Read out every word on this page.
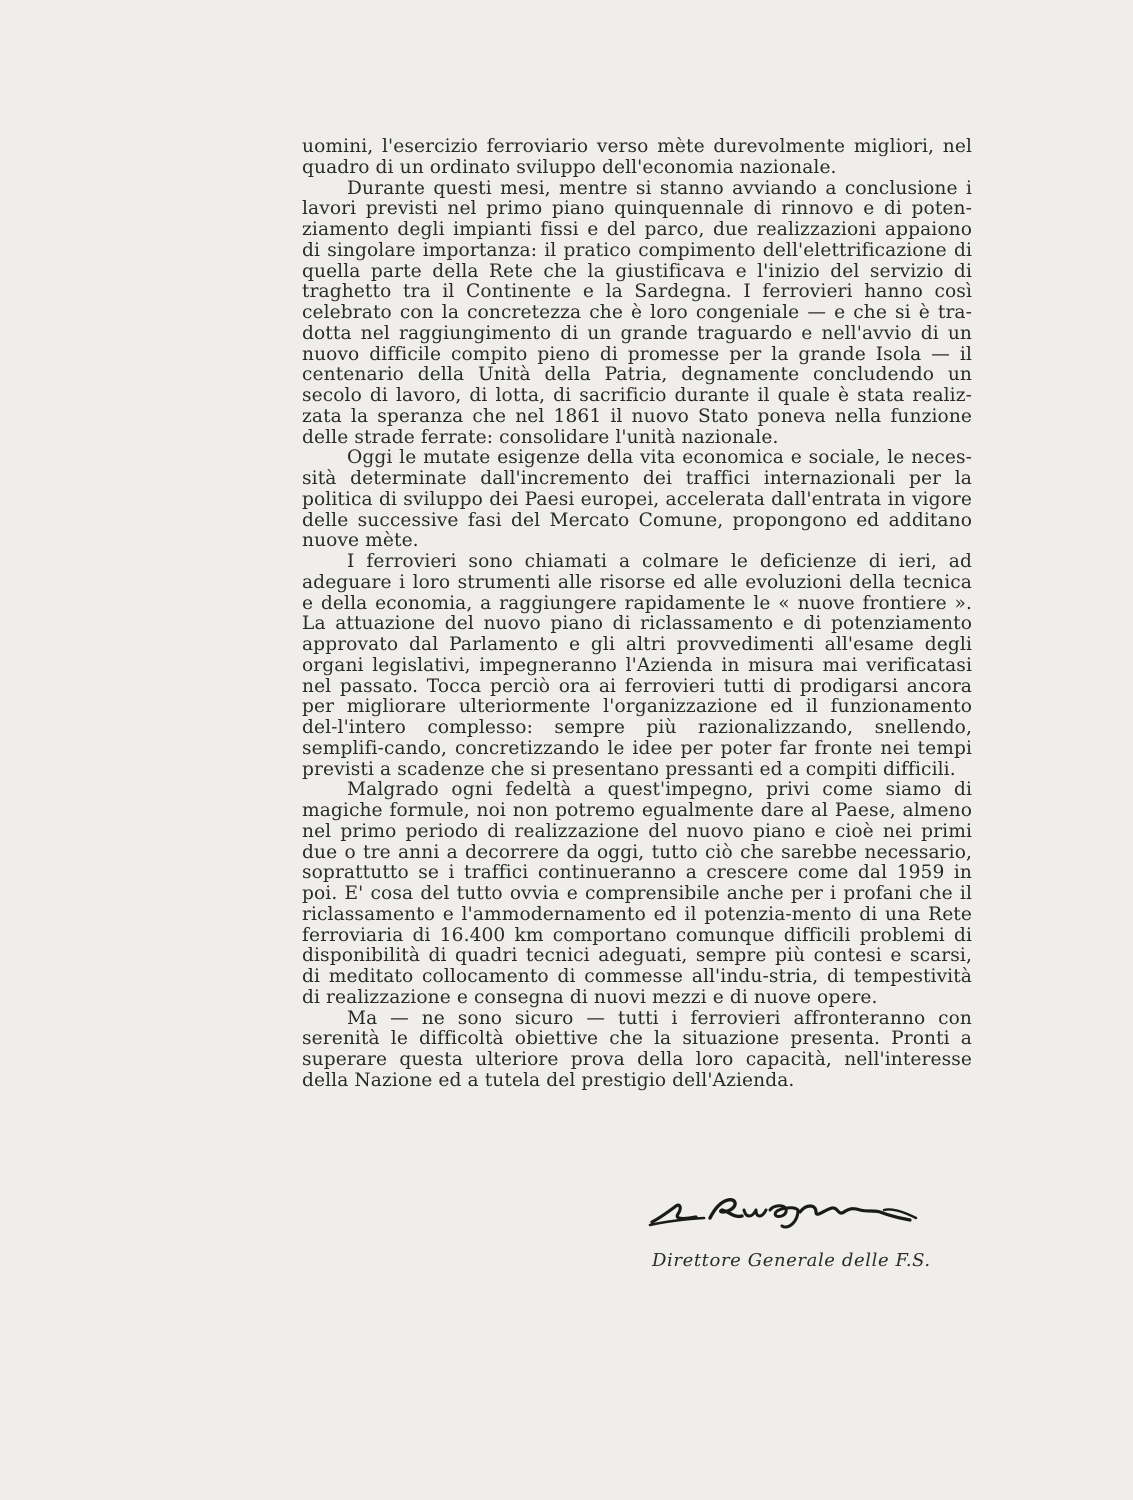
uomini, l'esercizio ferroviario verso mète durevolmente migliori, nel quadro di un ordinato sviluppo dell'economia nazionale.

Durante questi mesi, mentre si stanno avviando a conclusione i lavori previsti nel primo piano quinquennale di rinnovo e di poten-ziamento degli impianti fissi e del parco, due realizzazioni appaiono di singolare importanza: il pratico compimento dell'elettrificazione di quella parte della Rete che la giustificava e l'inizio del servizio di traghetto tra il Continente e la Sardegna. I ferrovieri hanno così celebrato con la concretezza che è loro congeniale — e che si è tra-dotta nel raggiungimento di un grande traguardo e nell'avvio di un nuovo difficile compito pieno di promesse per la grande Isola — il centenario della Unità della Patria, degnamente concludendo un secolo di lavoro, di lotta, di sacrificio durante il quale è stata realiz-zata la speranza che nel 1861 il nuovo Stato poneva nella funzione delle strade ferrate: consolidare l'unità nazionale.

Oggi le mutate esigenze della vita economica e sociale, le neces-sità determinate dall'incremento dei traffici internazionali per la politica di sviluppo dei Paesi europei, accelerata dall'entrata in vigore delle successive fasi del Mercato Comune, propongono ed additano nuove mète.

I ferrovieri sono chiamati a colmare le deficienze di ieri, ad adeguare i loro strumenti alle risorse ed alle evoluzioni della tecnica e della economia, a raggiungere rapidamente le « nuove frontiere ». La attuazione del nuovo piano di riclassamento e di potenziamento approvato dal Parlamento e gli altri provvedimenti all'esame degli organi legislativi, impegneranno l'Azienda in misura mai verificatasi nel passato. Tocca perciò ora ai ferrovieri tutti di prodigarsi ancora per migliorare ulteriormente l'organizzazione ed il funzionamento del-l'intero complesso: sempre più razionalizzando, snellendo, semplifi-cando, concretizzando le idee per poter far fronte nei tempi previsti a scadenze che si presentano pressanti ed a compiti difficili.

Malgrado ogni fedeltà a quest'impegno, privi come siamo di magiche formule, noi non potremo egualmente dare al Paese, almeno nel primo periodo di realizzazione del nuovo piano e cioè nei primi due o tre anni a decorrere da oggi, tutto ciò che sarebbe necessario, soprattutto se i traffici continueranno a crescere come dal 1959 in poi. E' cosa del tutto ovvia e comprensibile anche per i profani che il riclassamento e l'ammodernamento ed il potenzia-mento di una Rete ferroviaria di 16.400 km comportano comunque difficili problemi di disponibilità di quadri tecnici adeguati, sempre più contesi e scarsi, di meditato collocamento di commesse all'indu-stria, di tempestività di realizzazione e consegna di nuovi mezzi e di nuove opere.

Ma — ne sono sicuro — tutti i ferrovieri affronteranno con serenità le difficoltà obiettive che la situazione presenta. Pronti a superare questa ulteriore prova della loro capacità, nell'interesse della Nazione ed a tutela del prestigio dell'Azienda.

Direttore Generale delle F.S.
